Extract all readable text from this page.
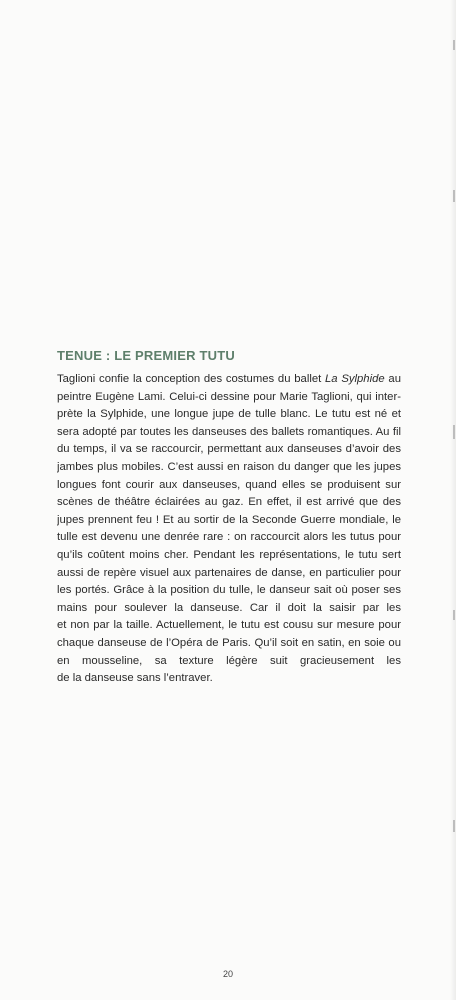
TENUE : LE PREMIER TUTU

Taglioni confie la conception des costumes du ballet La Sylphide au
peintre Eugène Lami. Celui-ci dessine pour Marie Taglioni, qui inter-
prète la Sylphide, une longue jupe de tulle blanc. Le tutu est né et
sera adopté par toutes les danseuses des ballets romantiques. Au fil
du temps, il va se raccourcir, permettant aux danseuses d’avoir des
jambes plus mobiles. C’est aussi en raison du danger que les jupes
longues font courir aux danseuses, quand elles se produisent sur
scènes de théâtre éclairées au gaz. En effet, il est arrivé que des
jupes prennent feu ! Et au sortir de la Seconde Guerre mondiale, le
tulle est devenu une denrée rare : on raccourcit alors les tutus pour
qu’ils coûtent moins cher. Pendant les représentations, le tutu sert
aussi de repère visuel aux partenaires de danse, en particulier pour
les portés. Grâce à la position du tulle, le danseur sait où poser ses
mains pour soulever la danseuse. Car il doit la saisir par les
et non par la taille. Actuellement, le tutu est cousu sur mesure pour
chaque danseuse de l’Opéra de Paris. Qu’il soit en satin, en soie ou
en mousseline, sa texture légère suit gracieusement les
de la danseuse sans l’entraver.

20
